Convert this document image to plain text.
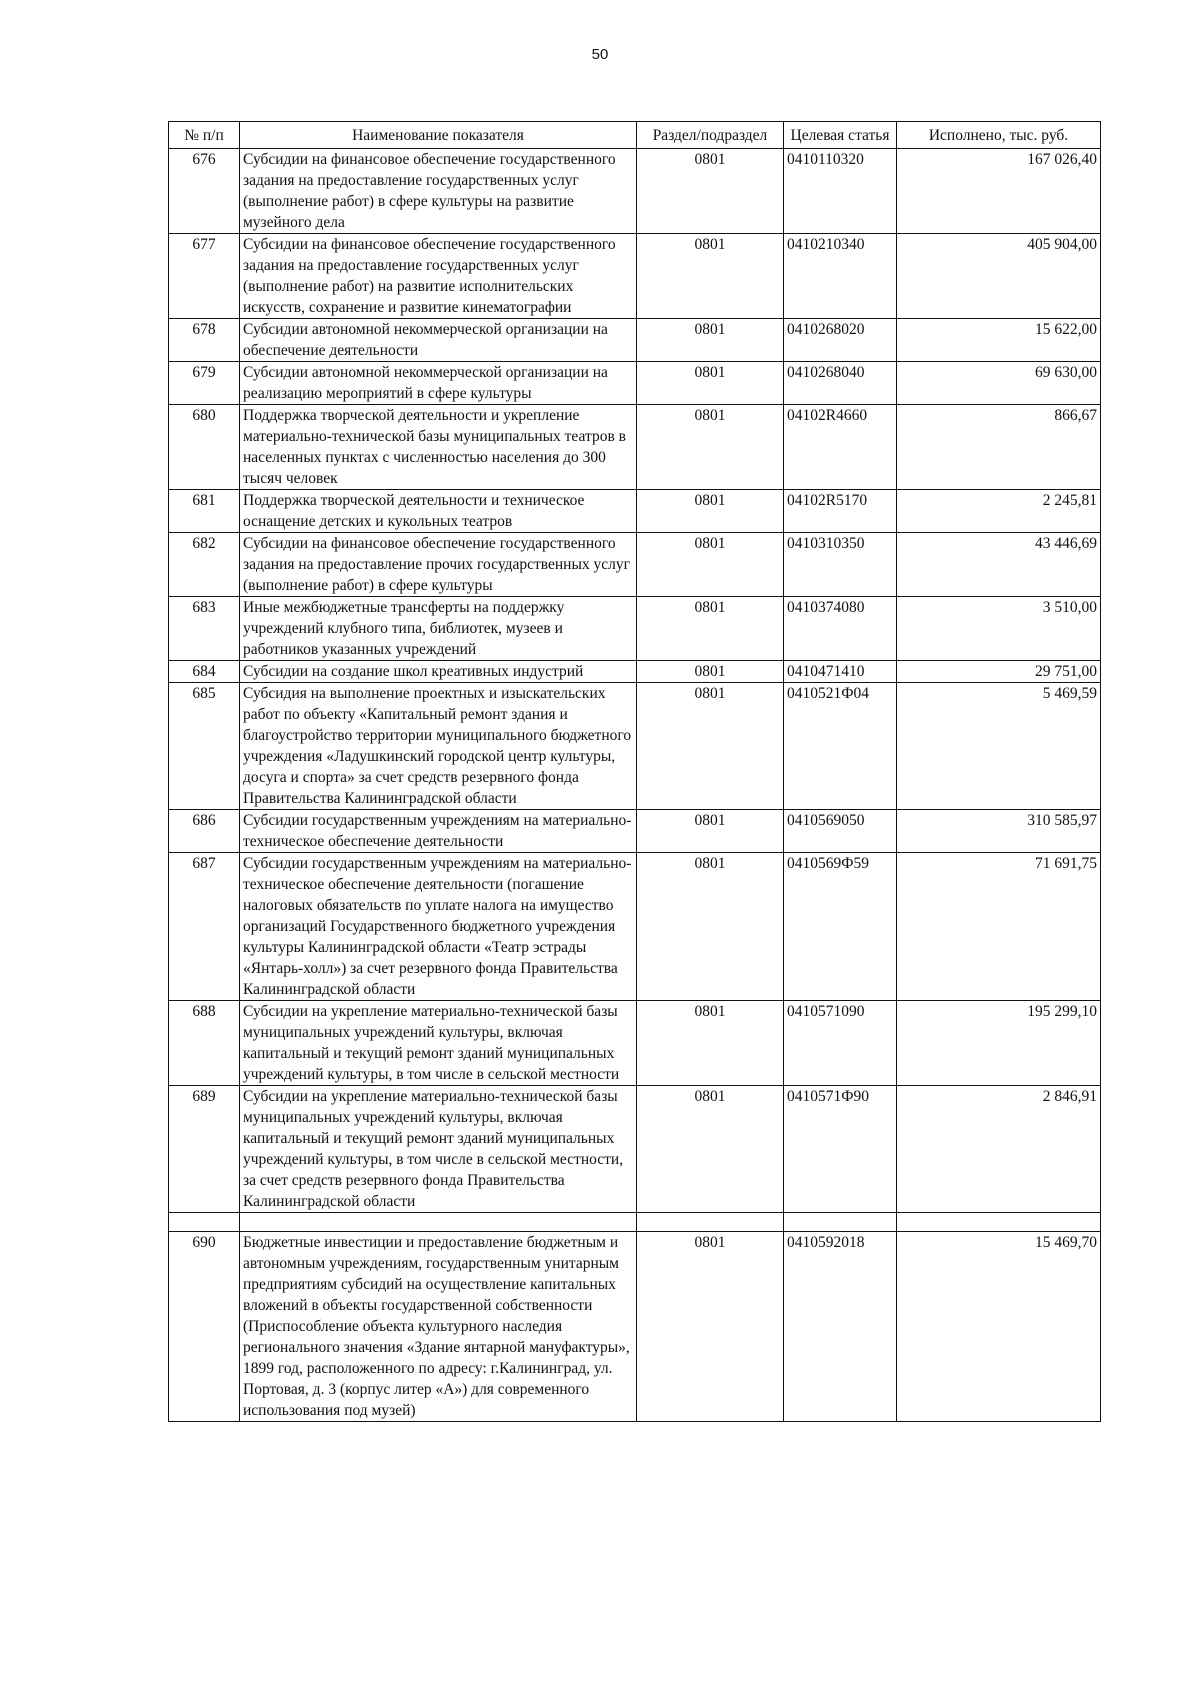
50
№ п/п	Наименование показателя	Раздел/подраздел	Целевая статья	Исполнено, тыс. руб.
676	Субсидии на финансовое обеспечение государственного задания на предоставление государственных услуг (выполнение работ) в сфере культуры на развитие музейного дела	0801	0410110320	167 026,40
677	Субсидии на финансовое обеспечение государственного задания на предоставление государственных услуг (выполнение работ) на развитие исполнительских искусств, сохранение и развитие кинематографии	0801	0410210340	405 904,00
678	Субсидии автономной некоммерческой организации на обеспечение деятельности	0801	0410268020	15 622,00
679	Субсидии автономной некоммерческой организации на реализацию мероприятий в сфере культуры	0801	0410268040	69 630,00
680	Поддержка творческой деятельности и укрепление материально-технической базы муниципальных театров в населенных пунктах с численностью населения до 300 тысяч человек	0801	04102R4660	866,67
681	Поддержка творческой деятельности и техническое оснащение детских и кукольных театров	0801	04102R5170	2 245,81
682	Субсидии на финансовое обеспечение государственного задания на предоставление прочих государственных услуг (выполнение работ) в сфере культуры	0801	0410310350	43 446,69
683	Иные межбюджетные трансферты на поддержку учреждений клубного типа, библиотек, музеев и работников указанных учреждений	0801	0410374080	3 510,00
684	Субсидии на создание школ креативных индустрий	0801	0410471410	29 751,00
685	Субсидия на выполнение проектных и изыскательских работ по объекту «Капитальный ремонт здания и благоустройство территории муниципального бюджетного учреждения «Ладушкинский городской центр культуры, досуга и спорта» за счет средств резервного фонда Правительства Калининградской области	0801	0410521Ф04	5 469,59
686	Субсидии государственным учреждениям на материально-техническое обеспечение деятельности	0801	0410569050	310 585,97
687	Субсидии государственным учреждениям на материально-техническое обеспечение деятельности (погашение налоговых обязательств по уплате налога на имущество организаций Государственного бюджетного учреждения культуры Калининградской области «Театр эстрады «Янтарь-холл») за счет резервного фонда Правительства Калининградской области	0801	0410569Ф59	71 691,75
688	Субсидии на укрепление материально-технической базы муниципальных учреждений культуры, включая капитальный и текущий ремонт зданий муниципальных учреждений культуры, в том числе в сельской местности	0801	0410571090	195 299,10
689	Субсидии на укрепление материально-технической базы муниципальных учреждений культуры, включая капитальный и текущий ремонт зданий муниципальных учреждений культуры, в том числе в сельской местности, за счет средств резервного фонда Правительства Калининградской области	0801	0410571Ф90	2 846,91

690	Бюджетные инвестиции и предоставление бюджетным и автономным учреждениям, государственным унитарным предприятиям субсидий на осуществление капитальных вложений в объекты государственной собственности (Приспособление объекта культурного наследия регионального значения «Здание янтарной мануфактуры», 1899 год, расположенного по адресу: г.Калининград, ул. Портовая, д. 3 (корпус литер «А») для современного использования под музей)	0801	0410592018	15 469,70
